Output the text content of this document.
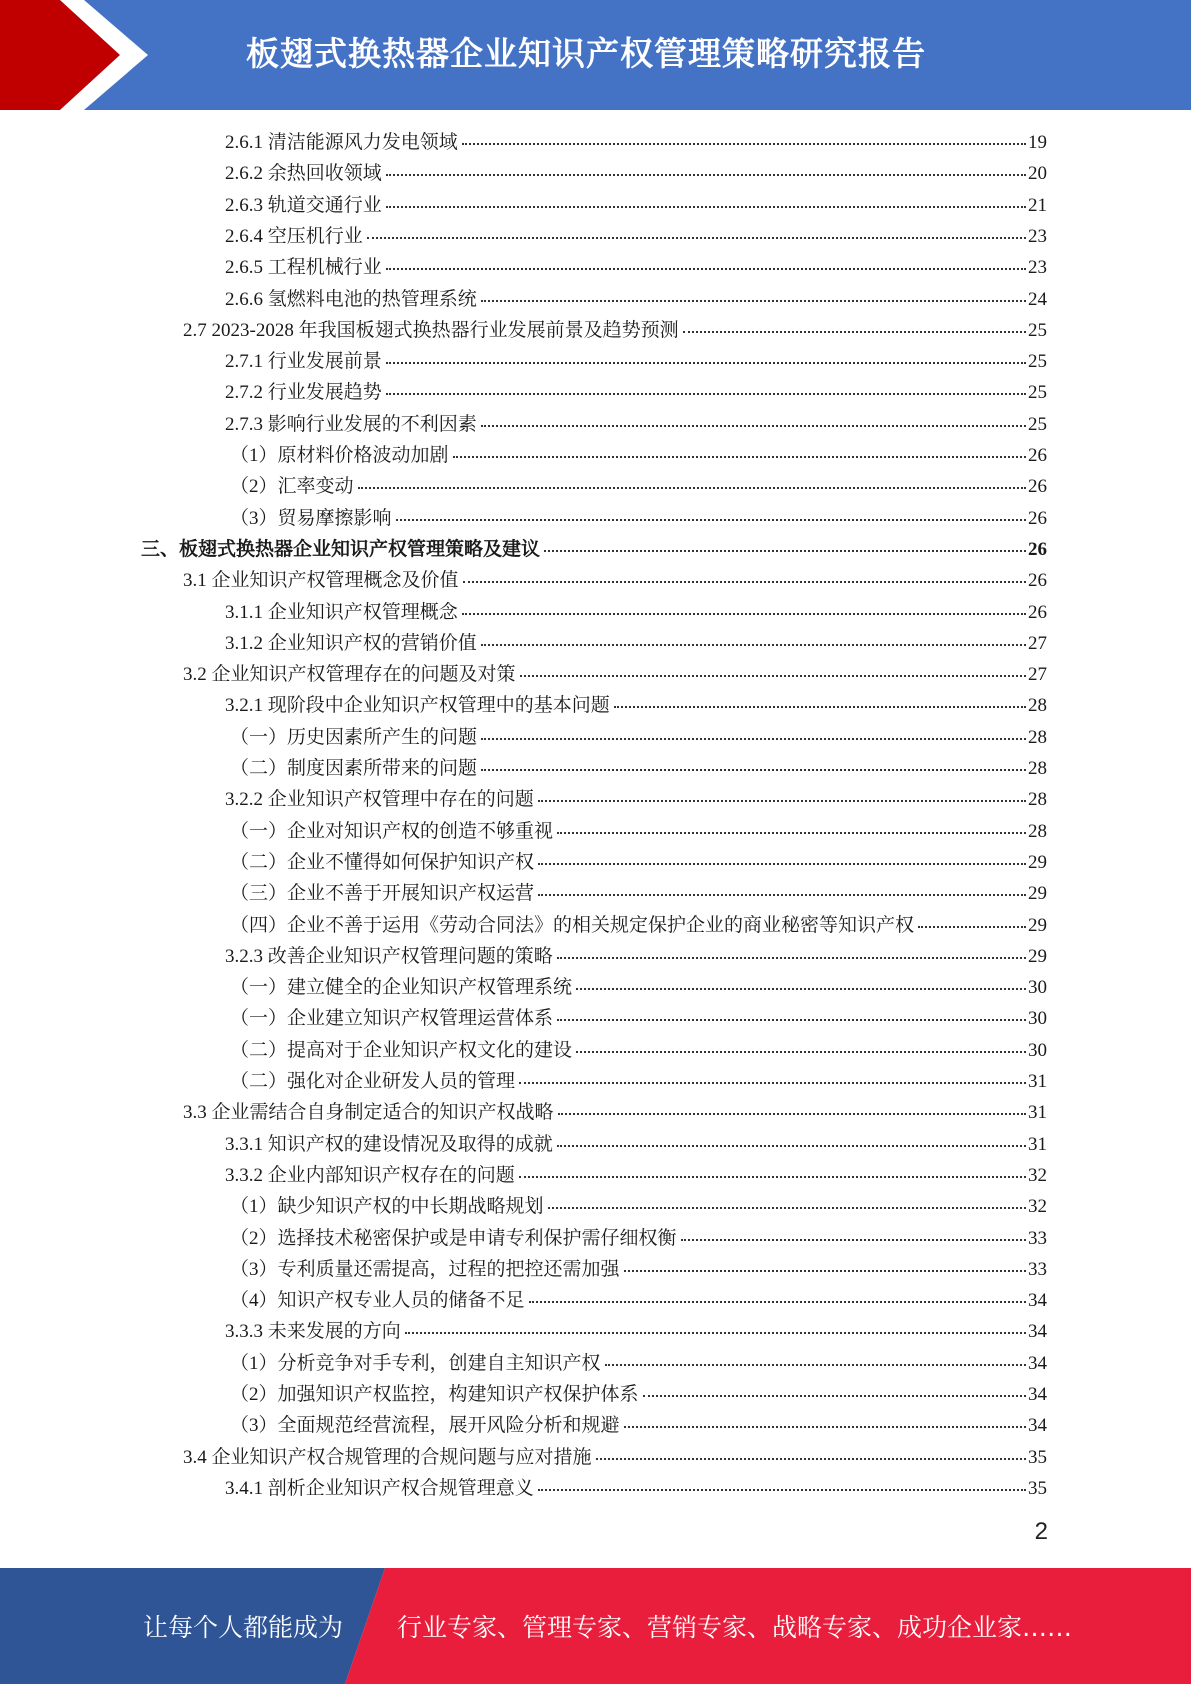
板翅式换热器企业知识产权管理策略研究报告
2.6.1 清洁能源风力发电领域	19
2.6.2 余热回收领域	20
2.6.3 轨道交通行业	21
2.6.4 空压机行业	23
2.6.5 工程机械行业	23
2.6.6 氢燃料电池的热管理系统	24
2.7 2023-2028 年我国板翅式换热器行业发展前景及趋势预测	25
2.7.1 行业发展前景	25
2.7.2 行业发展趋势	25
2.7.3 影响行业发展的不利因素	25
（1）原材料价格波动加剧	26
（2）汇率变动	26
（3）贸易摩擦影响	26
三、板翅式换热器企业知识产权管理策略及建议	26
3.1 企业知识产权管理概念及价值	26
3.1.1 企业知识产权管理概念	26
3.1.2 企业知识产权的营销价值	27
3.2 企业知识产权管理存在的问题及对策	27
3.2.1 现阶段中企业知识产权管理中的基本问题	28
（一）历史因素所产生的问题	28
（二）制度因素所带来的问题	28
3.2.2 企业知识产权管理中存在的问题	28
（一）企业对知识产权的创造不够重视	28
（二）企业不懂得如何保护知识产权	29
（三）企业不善于开展知识产权运营	29
（四）企业不善于运用《劳动合同法》的相关规定保护企业的商业秘密等知识产权	29
3.2.3 改善企业知识产权管理问题的策略	29
（一）建立健全的企业知识产权管理系统	30
（一）企业建立知识产权管理运营体系	30
（二）提高对于企业知识产权文化的建设	30
（二）强化对企业研发人员的管理	31
3.3 企业需结合自身制定适合的知识产权战略	31
3.3.1 知识产权的建设情况及取得的成就	31
3.3.2 企业内部知识产权存在的问题	32
（1）缺少知识产权的中长期战略规划	32
（2）选择技术秘密保护或是申请专利保护需仔细权衡	33
（3）专利质量还需提高，过程的把控还需加强	33
（4）知识产权专业人员的储备不足	34
3.3.3 未来发展的方向	34
（1）分析竞争对手专利，创建自主知识产权	34
（2）加强知识产权监控，构建知识产权保护体系	34
（3）全面规范经营流程，展开风险分析和规避	34
3.4 企业知识产权合规管理的合规问题与应对措施	35
3.4.1 剖析企业知识产权合规管理意义	35
2
让每个人都能成为 行业专家、管理专家、营销专家、战略专家、成功企业家……
